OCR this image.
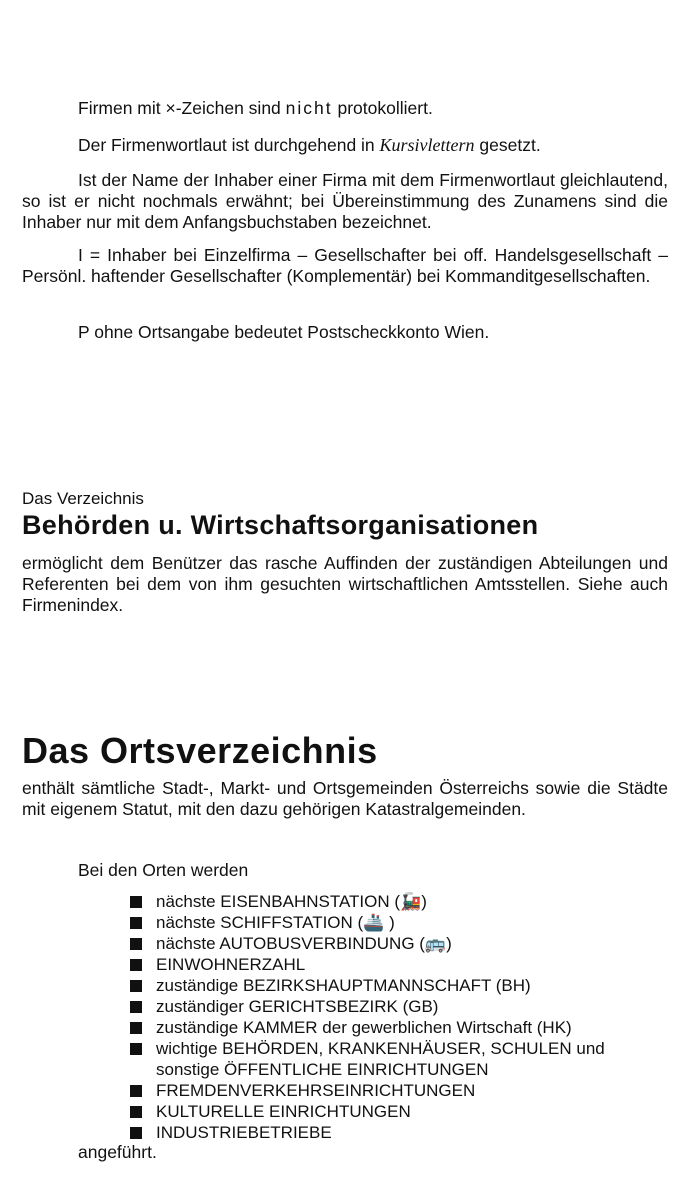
Firmen mit ×-Zeichen sind nicht protokolliert.

Der Firmenwortlaut ist durchgehend in Kursivlettern gesetzt.

Ist der Name der Inhaber einer Firma mit dem Firmenwortlaut gleichlautend, so ist er nicht nochmals erwähnt; bei Übereinstimmung des Zunamens sind die Inhaber nur mit dem Anfangsbuchstaben bezeichnet.

I = Inhaber bei Einzelfirma – Gesellschafter bei off. Handelsgesellschaft – Persönl. haftender Gesellschafter (Komplementär) bei Kommanditgesellschaften.

P ohne Ortsangabe bedeutet Postscheckkonto Wien.

Das Verzeichnis

Behörden u. Wirtschaftsorganisationen

ermöglicht dem Benützer das rasche Auffinden der zuständigen Abteilungen und Referenten bei dem von ihm gesuchten wirtschaftlichen Amtsstellen. Siehe auch Firmenindex.

Das Ortsverzeichnis

enthält sämtliche Stadt-, Markt- und Ortsgemeinden Österreichs sowie die Städte mit eigenem Statut, mit den dazu gehörigen Katastralgemeinden.

Bei den Orten werden

nächste EISENBAHNSTATION (🚂)
nächste SCHIFFSTATION (🚢 )
nächste AUTOBUSVERBINDUNG (🚌)
EINWOHNERZAHL
zuständige BEZIRKSHAUPTMANNSCHAFT (BH)
zuständiger GERICHTSBEZIRK (GB)
zuständige KAMMER der gewerblichen Wirtschaft (HK)
wichtige BEHÖRDEN, KRANKENHÄUSER, SCHULEN und
sonstige ÖFFENTLICHE EINRICHTUNGEN
FREMDENVERKEHRSEINRICHTUNGEN
KULTURELLE EINRICHTUNGEN
INDUSTRIEBETRIEBE

angeführt.
